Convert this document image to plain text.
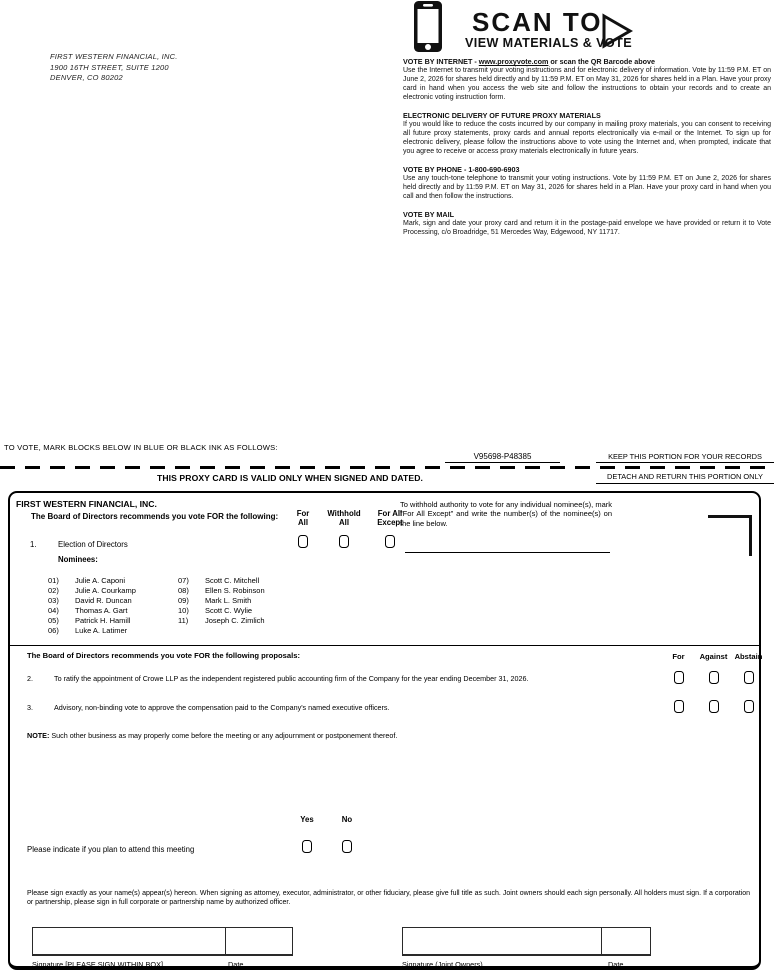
FIRST WESTERN FINANCIAL, INC.
1900 16TH STREET, SUITE 1200
DENVER, CO 80202
SCAN TO
VIEW MATERIALS & VOTE
VOTE BY INTERNET - www.proxyvote.com or scan the QR Barcode above
Use the Internet to transmit your voting instructions and for electronic delivery of information. Vote by 11:59 P.M. ET on June 2, 2026 for shares held directly and by 11:59 P.M. ET on May 31, 2026 for shares held in a Plan. Have your proxy card in hand when you access the web site and follow the instructions to obtain your records and to create an electronic voting instruction form.
ELECTRONIC DELIVERY OF FUTURE PROXY MATERIALS
If you would like to reduce the costs incurred by our company in mailing proxy materials, you can consent to receiving all future proxy statements, proxy cards and annual reports electronically via e-mail or the Internet. To sign up for electronic delivery, please follow the instructions above to vote using the Internet and, when prompted, indicate that you agree to receive or access proxy materials electronically in future years.
VOTE BY PHONE - 1-800-690-6903
Use any touch-tone telephone to transmit your voting instructions. Vote by 11:59 P.M. ET on June 2, 2026 for shares held directly and by 11:59 P.M. ET on May 31, 2026 for shares held in a Plan. Have your proxy card in hand when you call and then follow the instructions.
VOTE BY MAIL
Mark, sign and date your proxy card and return it in the postage-paid envelope we have provided or return it to Vote Processing, c/o Broadridge, 51 Mercedes Way, Edgewood, NY 11717.
TO VOTE, MARK BLOCKS BELOW IN BLUE OR BLACK INK AS FOLLOWS:
V95698-P48385	KEEP THIS PORTION FOR YOUR RECORDS
THIS PROXY CARD IS VALID ONLY WHEN SIGNED AND DATED.	DETACH AND RETURN THIS PORTION ONLY
FIRST WESTERN FINANCIAL, INC.
The Board of Directors recommends you vote FOR the following:	For
All
Withhold
All
For All
Except
To withhold authority to vote for any individual nominee(s), mark "For All Except" and write the number(s) of the nominee(s) on the line below.
1.	Election of Directors
Nominees:
01)	Julie A. Caponi
02)	Julie A. Courkamp
03)	David R. Duncan
04)	Thomas A. Gart
05)	Patrick H. Hamill
06)	Luke A. Latimer
07)	Scott C. Mitchell
08)	Ellen S. Robinson
09)	Mark L. Smith
10)	Scott C. Wylie
11)	Joseph C. Zimlich
The Board of Directors recommends you vote FOR the following proposals:	For	Against Abstain
2.	To ratify the appointment of Crowe LLP as the independent registered public accounting firm of the Company for the year ending December 31, 2026.
3.	Advisory, non-binding vote to approve the compensation paid to the Company's named executive officers.
NOTE: Such other business as may properly come before the meeting or any adjournment or postponement thereof.
Yes	No
Please indicate if you plan to attend this meeting
Please sign exactly as your name(s) appear(s) hereon. When signing as attorney, executor, administrator, or other fiduciary, please give full title as such. Joint owners should each sign personally. All holders must sign. If a corporation or partnership, please sign in full corporate or partnership name by authorized officer.
Signature [PLEASE SIGN WITHIN BOX]	Date	Signature (Joint Owners)	Date
